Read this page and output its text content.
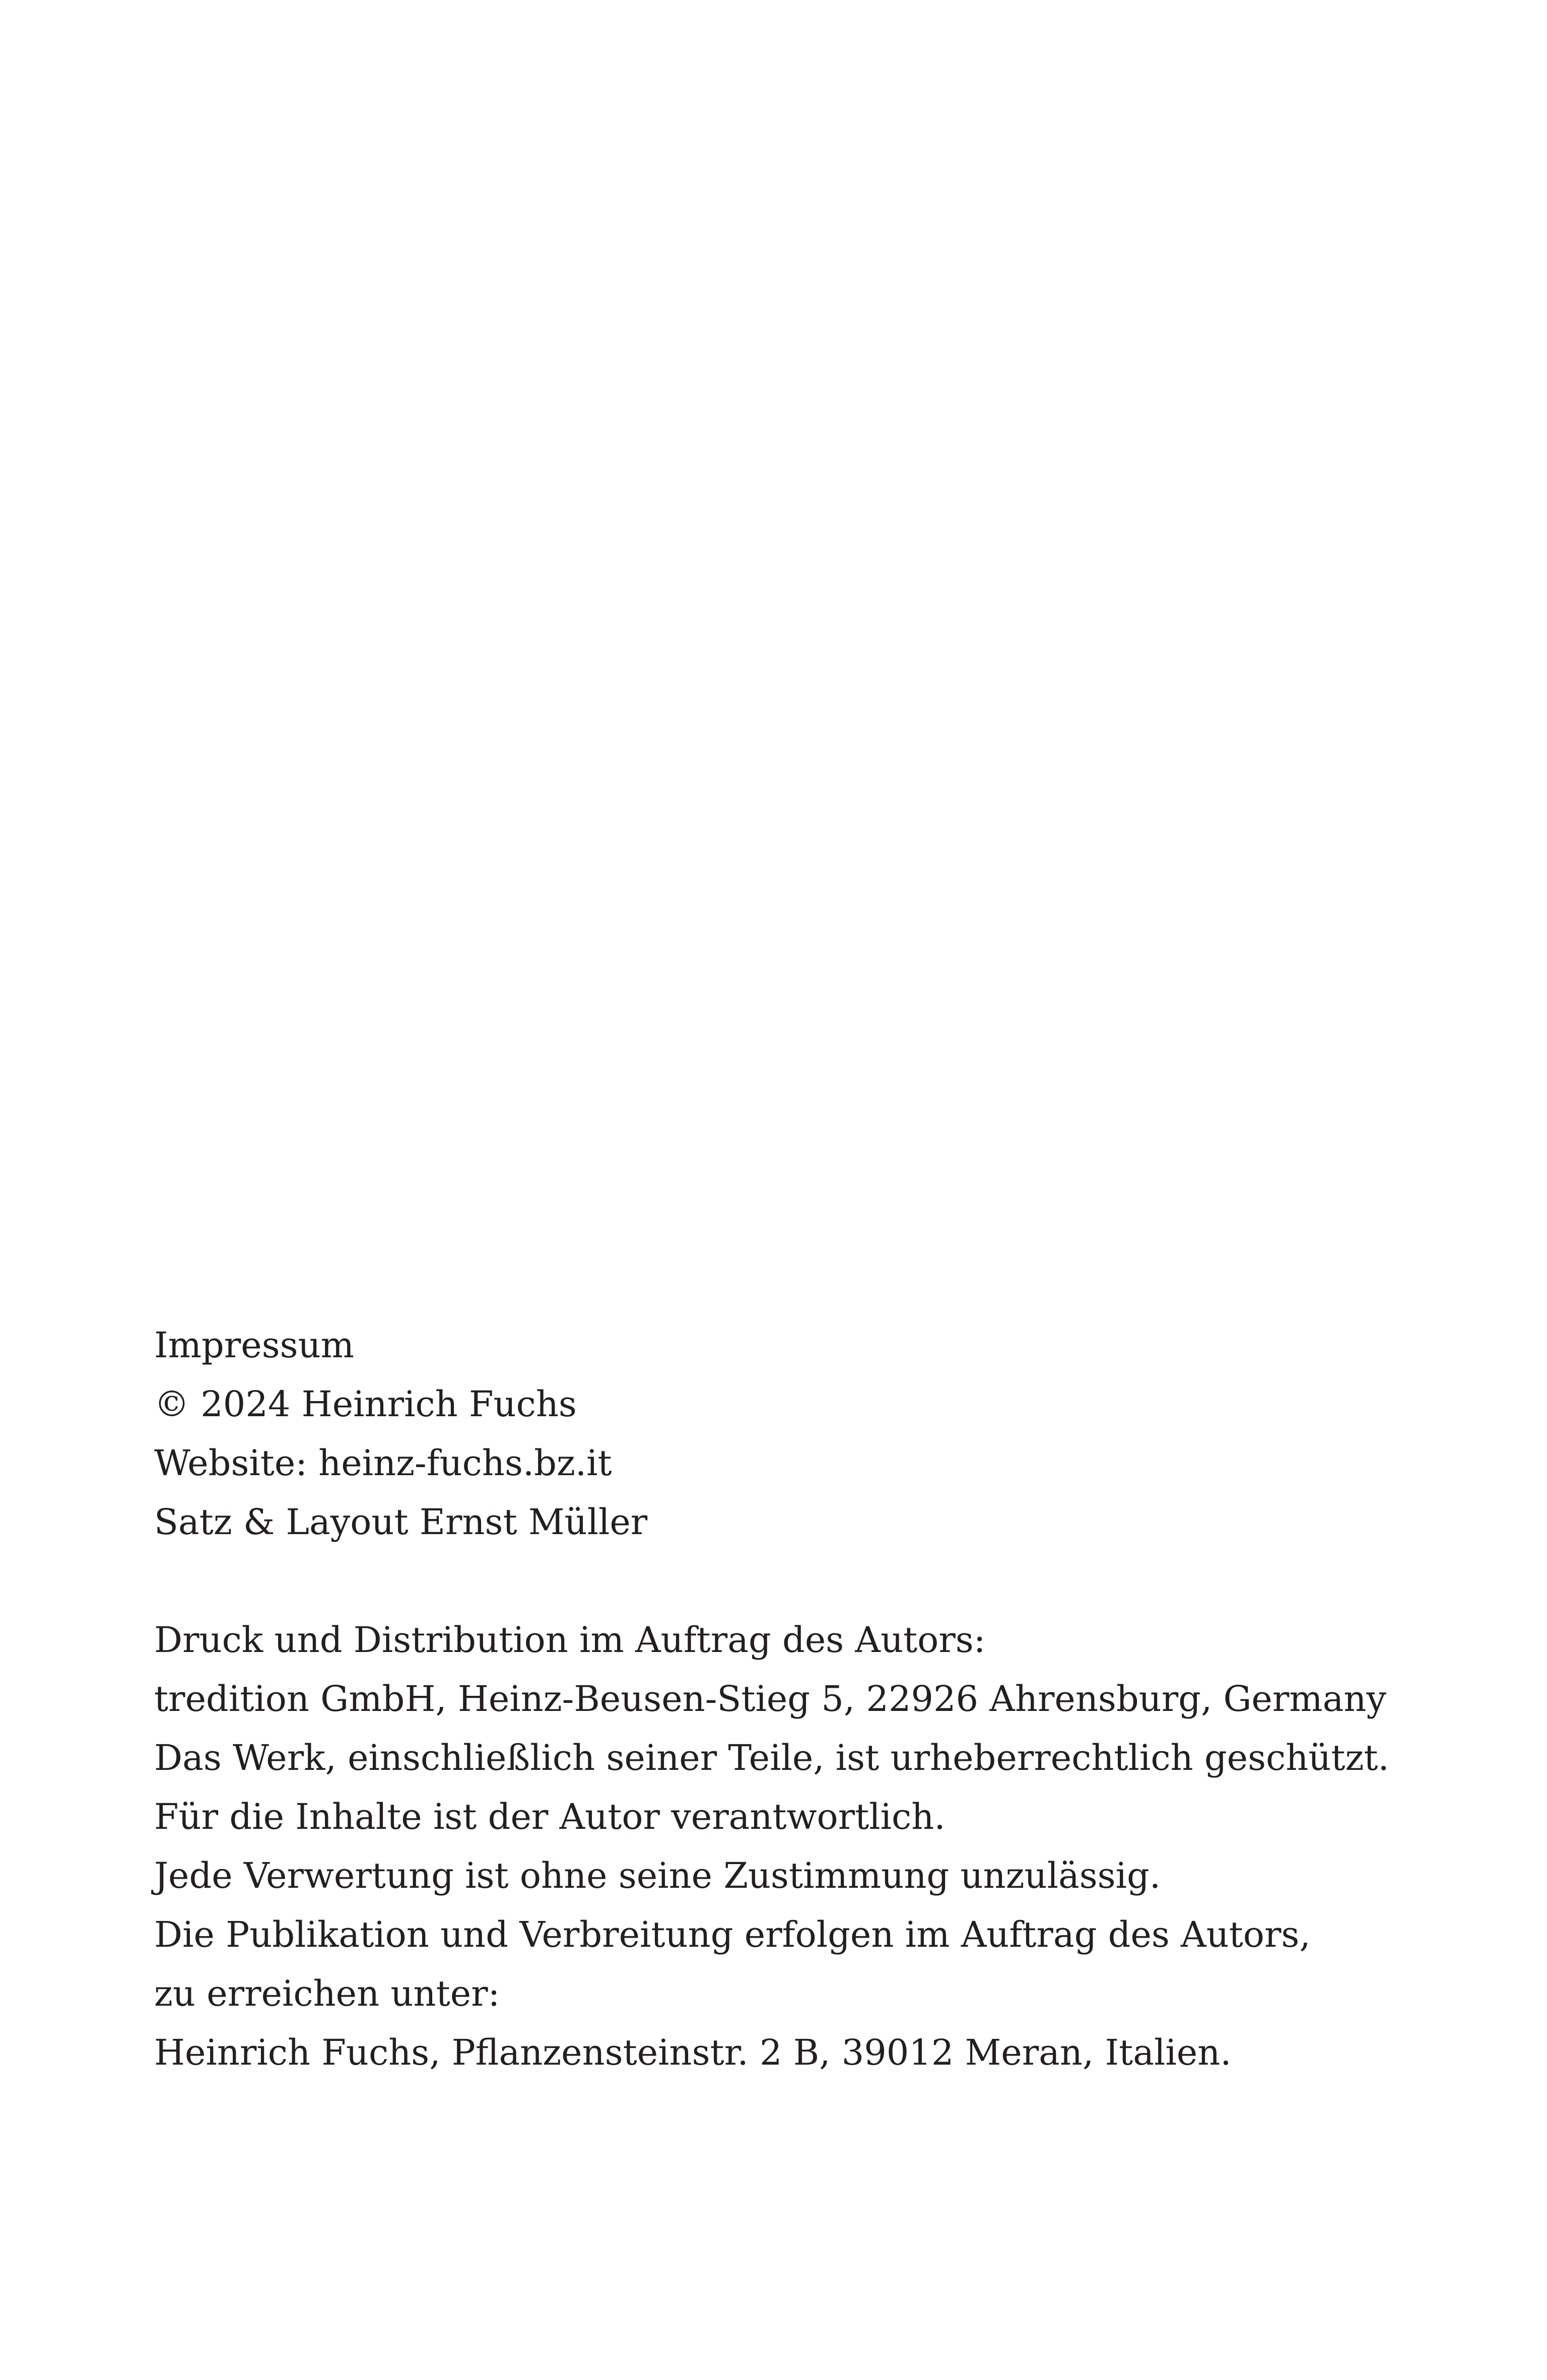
Impressum
© 2024 Heinrich Fuchs
Website: heinz-fuchs.bz.it
Satz & Layout Ernst Müller
Druck und Distribution im Auftrag des Autors:
tredition GmbH, Heinz-Beusen-Stieg 5, 22926 Ahrensburg, Germany
Das Werk, einschließlich seiner Teile, ist urheberrechtlich geschützt.
Für die Inhalte ist der Autor verantwortlich.
Jede Verwertung ist ohne seine Zustimmung unzulässig.
Die Publikation und Verbreitung erfolgen im Auftrag des Autors,
zu erreichen unter:
Heinrich Fuchs, Pflanzensteinstr. 2 B, 39012 Meran, Italien.
